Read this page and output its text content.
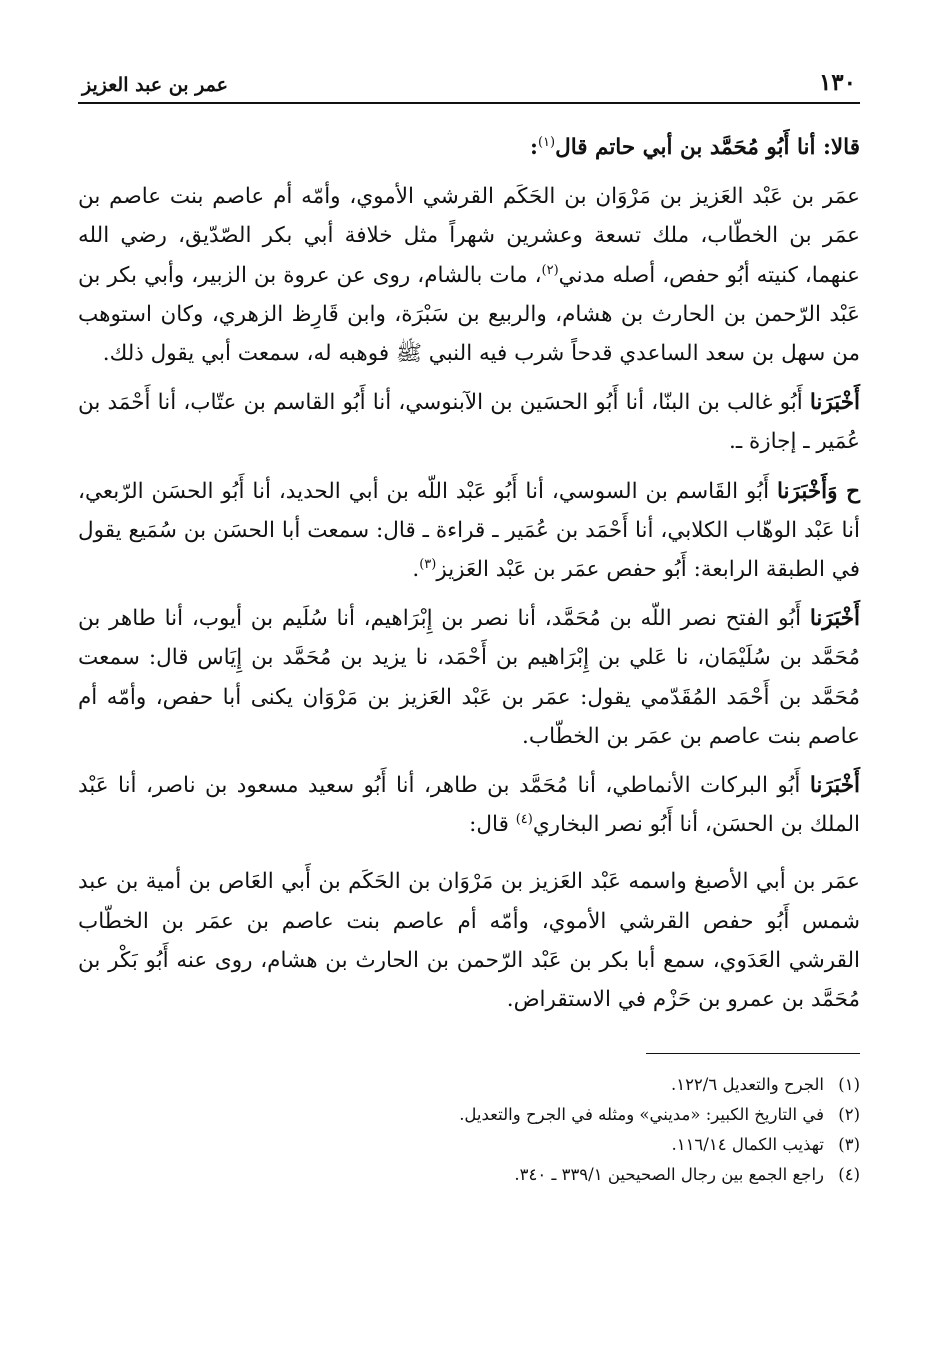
١٣٠
عمر بن عبد العزيز

قالا: أنا أَبُو مُحَمَّد بن أبي حاتم قال$^{(١)}$:

عمَر بن عَبْد العَزيز بن مَرْوَان بن الحَكَم القرشي الأموي، وأمّه أم عاصم بنت عاصم بن عمَر بن الخطّاب، ملك تسعة وعشرين شهراً مثل خلافة أبي بكر الصّدّيق، رضي الله عنهما، كنيته أبُو حفص، أصله مدني$^{(٢)}$، مات بالشام، روى عن عروة بن الزبير، وأبي بكر بن عَبْد الرّحمن بن الحارث بن هشام، والربيع بن سَبْرَة، وابن قَارِظ الزهري، وكان استوهب من سهل بن سعد الساعدي قدحاً شرب فيه النبي ﷺ فوهبه له، سمعت أبي يقول ذلك.

أَخْبَرَنا أَبُو غالب بن البنّا، أنا أَبُو الحسَين بن الآبنوسي، أنا أَبُو القاسم بن عتّاب، أنا أَحْمَد بن عُمَير ـ إجازة ـ.

ح وَأَخْبَرَنا أَبُو القَاسم بن السوسي، أنا أَبُو عَبْد اللّه بن أبي الحديد، أنا أَبُو الحسَن الرّبعي، أنا عَبْد الوهّاب الكلابي، أنا أَحْمَد بن عُمَير ـ قراءة ـ قال: سمعت أبا الحسَن بن سُمَيع يقول في الطبقة الرابعة: أَبُو حفص عمَر بن عَبْد العَزيز$^{(٣)}$.

أَخْبَرَنا أَبُو الفتح نصر اللّه بن مُحَمَّد، أنا نصر بن إِبْرَاهيم، أنا سُلَيم بن أيوب، أنا طاهر بن مُحَمَّد بن سُلَيْمَان، نا عَلي بن إِبْرَاهيم بن أَحْمَد، نا يزيد بن مُحَمَّد بن إِيَاس قال: سمعت مُحَمَّد بن أَحْمَد المُقَدّمي يقول: عمَر بن عَبْد العَزيز بن مَرْوَان يكنى أبا حفص، وأمّه أم عاصم بنت عاصم بن عمَر بن الخطّاب.

أَخْبَرَنا أَبُو البركات الأنماطي، أنا مُحَمَّد بن طاهر، أنا أَبُو سعيد مسعود بن ناصر، أنا عَبْد الملك بن الحسَن، أنا أَبُو نصر البخاري$^{(٤)}$ قال:

عمَر بن أبي الأصبغ واسمه عَبْد العَزيز بن مَرْوَان بن الحَكَم بن أَبي العَاص بن أمية بن عبد شمس أَبُو حفص القرشي الأموي، وأمّه أم عاصم بنت عاصم بن عمَر بن الخطّاب القرشي العَدَوي، سمع أبا بكر بن عَبْد الرّحمن بن الحارث بن هشام، روى عنه أَبُو بَكْر بن مُحَمَّد بن عمرو بن حَزْم في الاستقراض.

(١)
الجرح والتعديل ١٢٢/٦.
(٢)
في التاريخ الكبير: «مديني» ومثله في الجرح والتعديل.
(٣)
تهذيب الكمال ١١٦/١٤.
(٤)
راجع الجمع بين رجال الصحيحين ٣٣٩/١ ـ ٣٤٠.
